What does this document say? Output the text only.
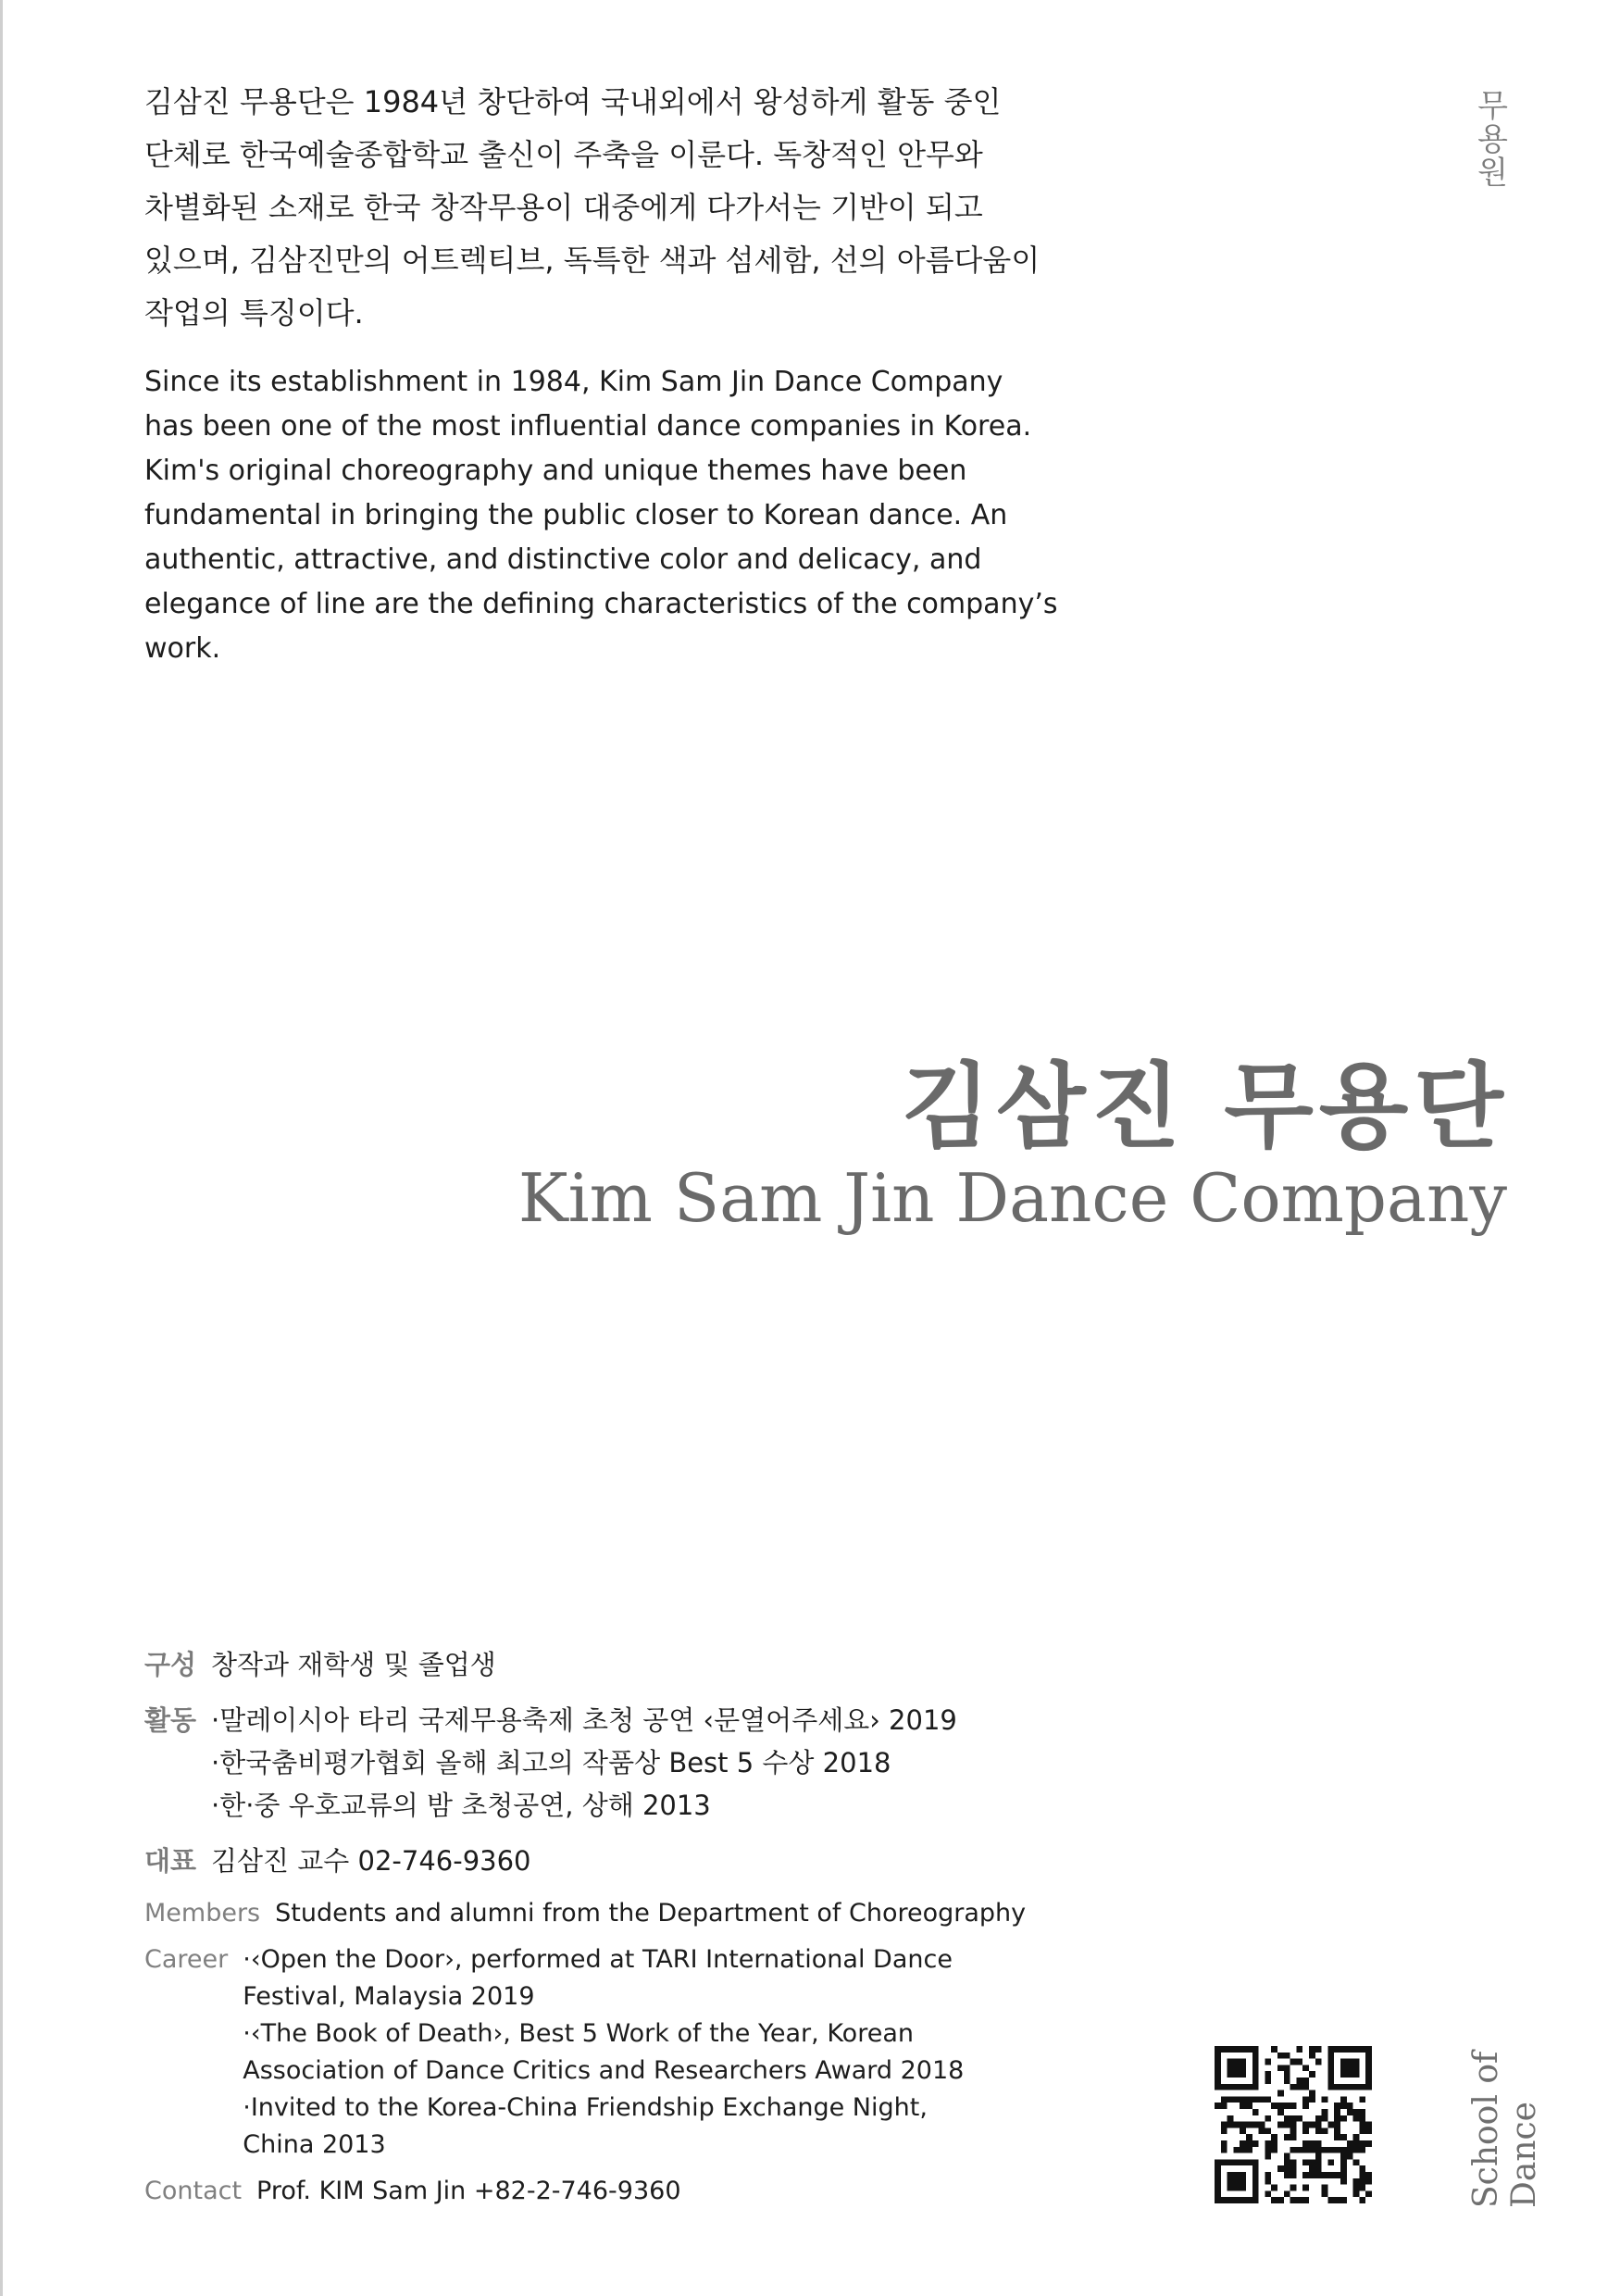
김삼진 무용단은 1984년 창단하여 국내외에서 왕성하게 활동 중인

단체로 한국예술종합학교 출신이 주축을 이룬다. 독창적인 안무와

차별화된 소재로 한국 창작무용이 대중에게 다가서는 기반이 되고

있으며, 김삼진만의 어트렉티브, 독특한 색과 섬세함, 선의 아름다움이

작업의 특징이다.

Since its establishment in 1984, Kim Sam Jin Dance Company

has been one of the most influential dance companies in Korea.

Kim's original choreography and unique themes have been

fundamental in bringing the public closer to Korean dance. An

authentic, attractive, and distinctive color and delicacy, and

elegance of line are the defining characteristics of the company’s

work.

무용원
김삼진 무용단
Kim Sam Jin Dance Company
구성 창작과 재학생 및 졸업생
활동 ·말레이시아 타리 국제무용축제 초청 공연 ‹문열어주세요› 2019
·한국춤비평가협회 올해 최고의 작품상 Best 5 수상 2018
·한·중 우호교류의 밤 초청공연, 상해 2013
대표 김삼진 교수 02-746-9360
Members Students and alumni from the Department of Choreography
Career ·‹Open the Door›, performed at TARI International Dance Festival, Malaysia 2019
·‹The Book of Death›, Best 5 Work of the Year, Korean Association of Dance Critics and Researchers Award 2018
·Invited to the Korea-China Friendship Exchange Night, China 2013
Contact Prof. KIM Sam Jin +82-2-746-9360	School of Dance
